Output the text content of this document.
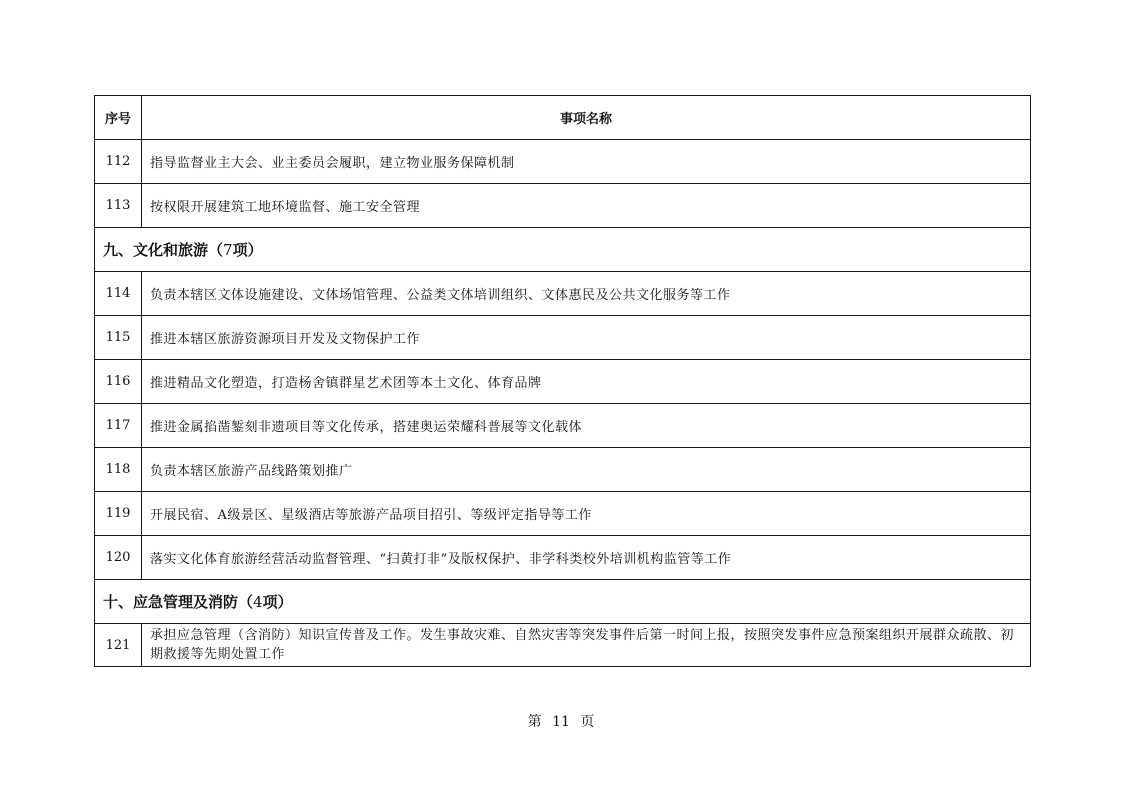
序号	事项名称
112	指导监督业主大会、业主委员会履职，建立物业服务保障机制
113	按权限开展建筑工地环境监督、施工安全管理
九、文化和旅游（7项）	
114	负责本辖区文体设施建设、文体场馆管理、公益类文体培训组织、文体惠民及公共文化服务等工作
115	推进本辖区旅游资源项目开发及文物保护工作
116	推进精品文化塑造，打造杨舍镇群星艺术团等本土文化、体育品牌
117	推进金属掐凿錾刻非遗项目等文化传承，搭建奥运荣耀科普展等文化载体
118	负责本辖区旅游产品线路策划推广
119	开展民宿、A级景区、星级酒店等旅游产品项目招引、等级评定指导等工作
120	落实文化体育旅游经营活动监督管理、“扫黄打非”及版权保护、非学科类校外培训机构监管等工作
十、应急管理及消防（4项）	
121	承担应急管理（含消防）知识宣传普及工作。发生事故灾难、自然灾害等突发事件后第一时间上报，按照突发事件应急预案组织开展群众疏散、初期救援等先期处置工作
第 11 页
